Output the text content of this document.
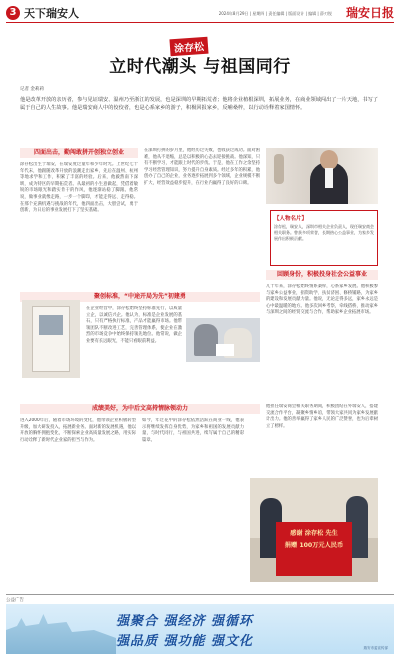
3 天下瑞安人	2024年8月29日 | 星期四 | 责任编辑 | 版面设计 | 编辑 | 薛刃锐 瑞安日报
涂存松
立时代潮头 与祖国同行
记者 金莉莉
他是改革开放的亲历者，参与见证瑞安、温州乃至浙江的发展，也是深圳的早期拓荒者；他将企业植根深圳，拓展业务，在商业领域闯出了一片天地，书写了属于自己的人生故事。他是瑞安商人中的佼佼者，也是心系家乡的游子，积极回报家乡，反哺桑梓，以行动诠释着家国情怀。
四面出击，勤闯敢拼开创独立创业
涂存松出生于瑞安，在瑞安度过童年和少年时光。上世纪七十年代末，他跟随改革开放的浪潮走出家乡，先后在温州、杭州等地求学和工作，积累了丰富的经验。后来，他毅然南下深圳，成为特区的早期拓荒者。从最初的小生意做起，凭借着敏锐的市场眼光和踏实肯干的作风，他逐渐站稳了脚跟。他常说，做事业就像走路，一步一个脚印，才能走得远、走得稳。在那个充满机遇与挑战的年代，他四面出击，大胆尝试，勇于创新，为日后的事业发展打下了坚实基础。
在深圳打拼的岁月里，他经历过失败，也收获过成功。面对困难，他从不退缩，总是以积极的心态去迎接挑战。他深知，只有不断学习，才能跟上时代的步伐。于是，他在工作之余坚持学习经营管理知识，努力提升自身素质。经过多年的积累，他创办了自己的企业，业务逐步拓展到多个领域，企业规模不断扩大，经营效益稳步提升，在行业内赢得了良好的口碑。
【人物名片】
涂存松，瑞安人，深圳市相关企业负责人，现任瑞安商会相关职务。曾获多项荣誉，长期热心公益事业，为家乡发展作出积极贡献。
聚创标准，“中途开局为先”初建勇
在企业经营中，涂存松始终坚持标准先行，以质量立企，以诚信兴企。他认为，标准是企业发展的基石，只有严格执行标准，产品才能赢得市场。他带领团队不断改进工艺，完善管理体系，使企业在激烈的市场竞争中始终保持领先地位。他常说，做企业要有长远眼光，不能只看眼前利益。
回顾身份，积极投身社会公益事业
几十年来，涂存松始终情系桑梓，心系家乡发展。他积极参与家乡公益事业，捐资助学、扶贫济困、修桥铺路，为家乡的建设和发展贡献力量。他说，无论走得多远，家乡永远是心中最温暖的地方。他多次回乡考察，牵线搭桥，推动家乡与深圳之间的经贸交流与合作，帮助家乡企业拓展市场。
他担任瑞安商会相关职务期间，积极团结在外瑞安人，搭建交流合作平台，凝聚乡情乡谊，带领大家共同为家乡发展献计出力。他的善举赢得了家乡人民的广泛赞誉，也为后辈树立了榜样。
成绩美好，为中后文高持情脉领动力
进入2000年后，随着市场环境的变化，他带领企业积极转型升级，加大研发投入，拓展新业务。面对新的发展机遇，他以开放的胸怀拥抱变化，不断探索企业高质量发展之路，用实际行动诠释了新时代企业家的担当与作为。
如今，年过花甲的涂存松依然活跃在商业一线，他表示将继续发挥自身优势，为家乡和祖国的发展贡献力量，与时代同行，与祖国共进，续写属于自己的精彩篇章。
感谢 涂存松 先生
捐赠 100万元人民币
公益广告
强聚合 强经济 强循环
强品质 强功能 强文化	瑞安市委宣传部
